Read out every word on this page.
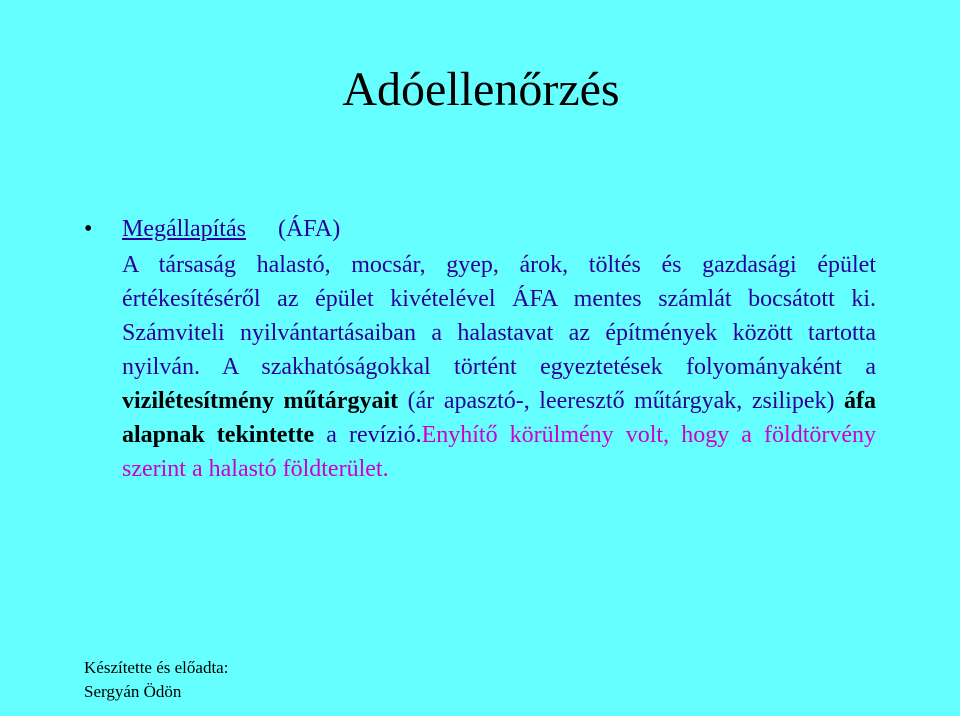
Adóellenőrzés
• Megállapítás (ÁFA)

A társaság halastó, mocsár, gyep, árok, töltés és gazdasági épület értékesítéséről az épület kivételével ÁFA mentes számlát bocsátott ki. Számviteli nyilvántartásaiban a halastavat az építmények között tartotta nyilván. A szakhatóságokkal történt egyeztetések folyományaként a vizilétesítmény műtárgyait (ár apasztó-, leeresztő műtárgyak, zsilipek) áfa alapnak tekintette a revízió.Enyhítő körülmény volt, hogy a földtörvény szerint a halastó földterület.

Készítette és előadta:
Sergyán Ödön
